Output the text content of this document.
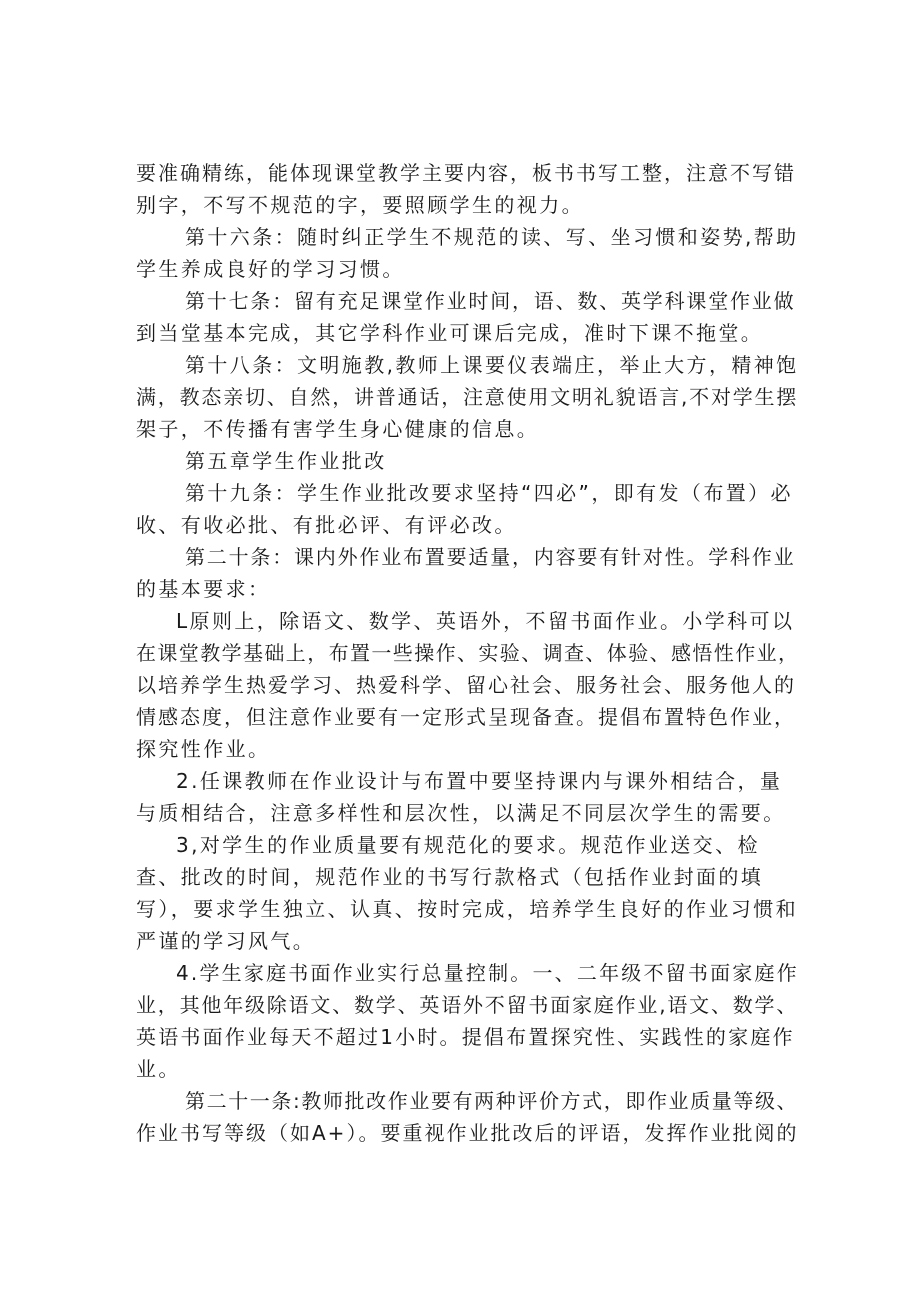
要准确精练，能体现课堂教学主要内容，板书书写工整，注意不写错
别字，不写不规范的字，要照顾学生的视力。
第十六条：随时纠正学生不规范的读、写、坐习惯和姿势,帮助
学生养成良好的学习习惯。
第十七条：留有充足课堂作业时间，语、数、英学科课堂作业做
到当堂基本完成，其它学科作业可课后完成，准时下课不拖堂。
第十八条：文明施教,教师上课要仪表端庄，举止大方，精神饱
满，教态亲切、自然，讲普通话，注意使用文明礼貌语言,不对学生摆
架子，不传播有害学生身心健康的信息。
第五章学生作业批改
第十九条：学生作业批改要求坚持“四必”，即有发（布置）必
收、有收必批、有批必评、有评必改。
第二十条：课内外作业布置要适量，内容要有针对性。学科作业
的基本要求：
L原则上，除语文、数学、英语外，不留书面作业。小学科可以
在课堂教学基础上，布置一些操作、实验、调查、体验、感悟性作业，
以培养学生热爱学习、热爱科学、留心社会、服务社会、服务他人的
情感态度，但注意作业要有一定形式呈现备查。提倡布置特色作业，
探究性作业。
2.任课教师在作业设计与布置中要坚持课内与课外相结合，量
与质相结合，注意多样性和层次性，以满足不同层次学生的需要。
3,对学生的作业质量要有规范化的要求。规范作业送交、检
查、批改的时间，规范作业的书写行款格式（包括作业封面的填
写），要求学生独立、认真、按时完成，培养学生良好的作业习惯和
严谨的学习风气。
4.学生家庭书面作业实行总量控制。一、二年级不留书面家庭作
业，其他年级除语文、数学、英语外不留书面家庭作业,语文、数学、
英语书面作业每天不超过1小时。提倡布置探究性、实践性的家庭作
业。
第二十一条:教师批改作业要有两种评价方式，即作业质量等级、
作业书写等级（如A+）。要重视作业批改后的评语，发挥作业批阅的
